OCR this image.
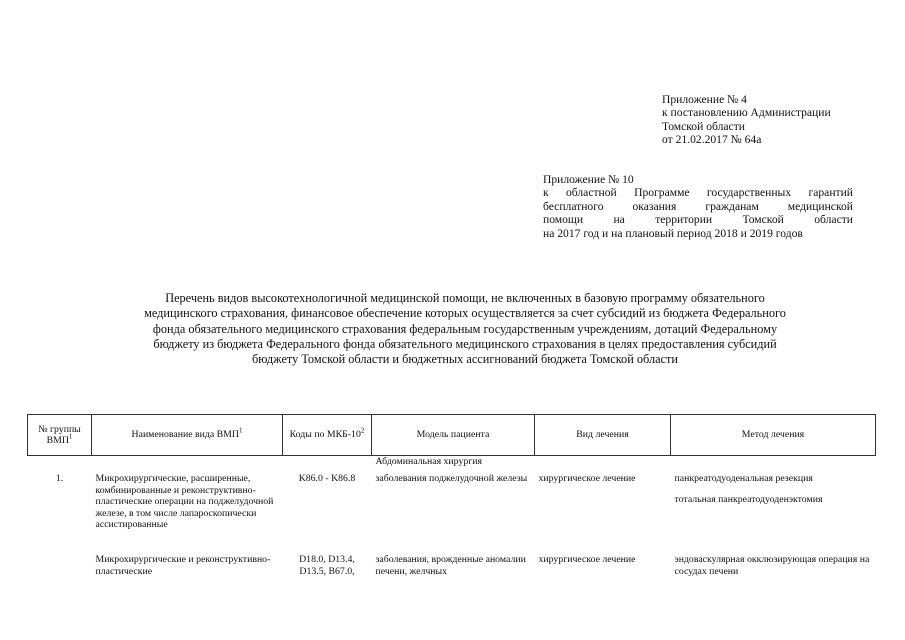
Приложение № 4
к постановлению Администрации
Томской области
от 21.02.2017 № 64а
Приложение № 10
к областной Программе государственных гарантий
бесплатного оказания гражданам медицинской
помощи на территории Томской области
на 2017 год и на плановый период 2018 и 2019 годов
Перечень видов высокотехнологичной медицинской помощи, не включенных в базовую программу обязательного
медицинского страхования, финансовое обеспечение которых осуществляется за счет субсидий из бюджета Федерального
фонда обязательного медицинского страхования федеральным государственным учреждениям, дотаций Федеральному
бюджету из бюджета Федерального фонда обязательного медицинского страхования в целях предоставления субсидий
бюджету Томской области и бюджетных ассигнований бюджета Томской области
№ группы ВМП$^1$	Наименование вида ВМП$^1$	Коды по МКБ-$10^2$	Модель пациента	Вид лечения	Метод лечения
			Абдоминальная хирургия		
1.	Микрохирургические, расширенные, комбинированные и реконструктивно-пластические операции на поджелудочной железе, в том числе лапароскопически ассистированные	K86.0 - K86.8	заболевания поджелудочной железы	хирургическое лечение	панкреатодуоденальная резекция
тотальная панкреатодуоденэктомия

	Микрохирургические и реконструктивно-пластические	D18.0, D13.4, D13.5, B67.0,	заболевания, врожденные аномалии печени, желчных	хирургическое лечение	эндоваскулярная окклюзирующая операция на сосудах печени
